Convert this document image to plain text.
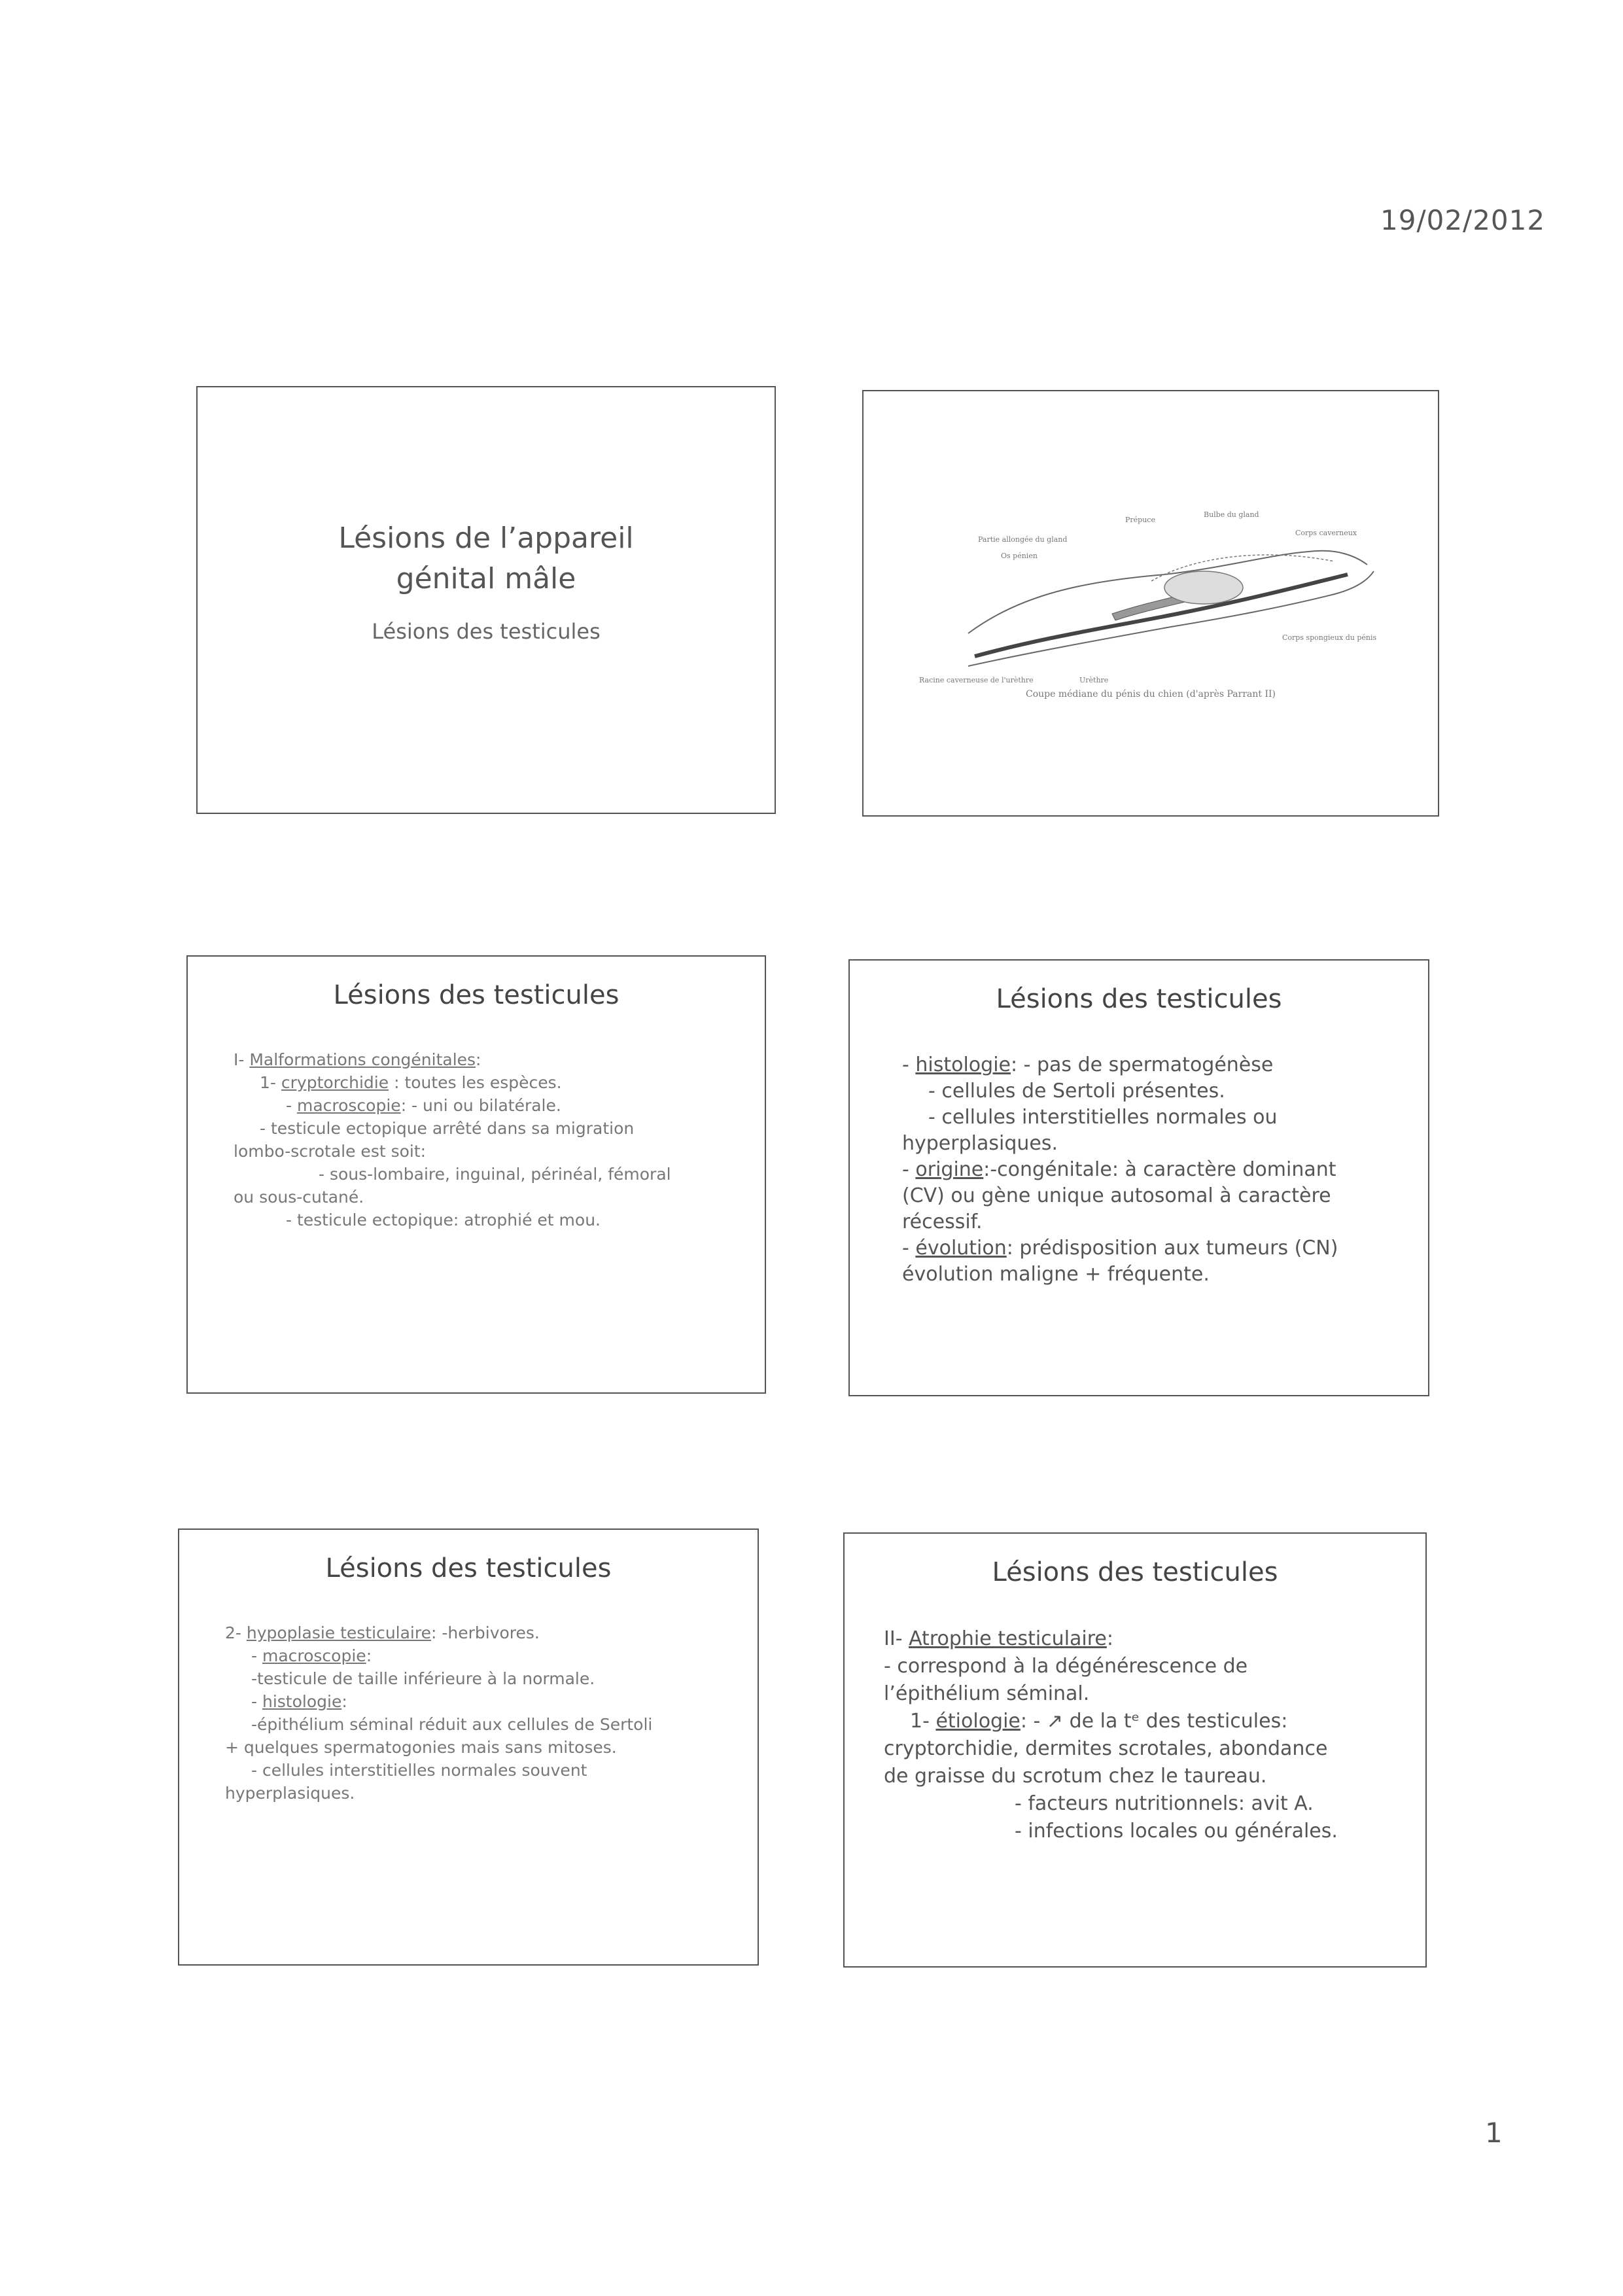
19/02/2012
Lésions de l’appareil génital mâle
Lésions des testicules
Prépuce
Bulbe du gland
Partie allongée du gland
Os pénien
Corps caverneux
Corps spongieux du pénis
Urèthre
Racine caverneuse de l'urèthre
Coupe médiane du pénis du chien (d'après Parrant II)
Lésions des testicules
I- Malformations congénitales:
1- cryptorchidie : toutes les espèces.
- macroscopie: - uni ou bilatérale.
- testicule ectopique arrêté dans sa migration
lombo-scrotale est soit:
- sous-lombaire, inguinal, périnéal, fémoral
ou sous-cutané.
- testicule ectopique: atrophié et mou.
Lésions des testicules
- histologie: - pas de spermatogénèse
- cellules de Sertoli présentes.
- cellules interstitielles normales ou
hyperplasiques.
- origine:-congénitale: à caractère dominant
(CV) ou gène unique autosomal à caractère
récessif.
- évolution: prédisposition aux tumeurs (CN)
évolution maligne + fréquente.
Lésions des testicules
2- hypoplasie testiculaire: -herbivores.
- macroscopie:
-testicule de taille inférieure à la normale.
- histologie:
-épithélium séminal réduit aux cellules de Sertoli
+ quelques spermatogonies mais sans mitoses.
- cellules interstitielles normales souvent
hyperplasiques.
Lésions des testicules
II- Atrophie testiculaire:
- correspond à la dégénérescence de
l’épithélium séminal.
1- étiologie: - ↗ de la tᵉ des testicules:
cryptorchidie, dermites scrotales, abondance
de graisse du scrotum chez le taureau.
- facteurs nutritionnels: avit A.
- infections locales ou générales.
1
